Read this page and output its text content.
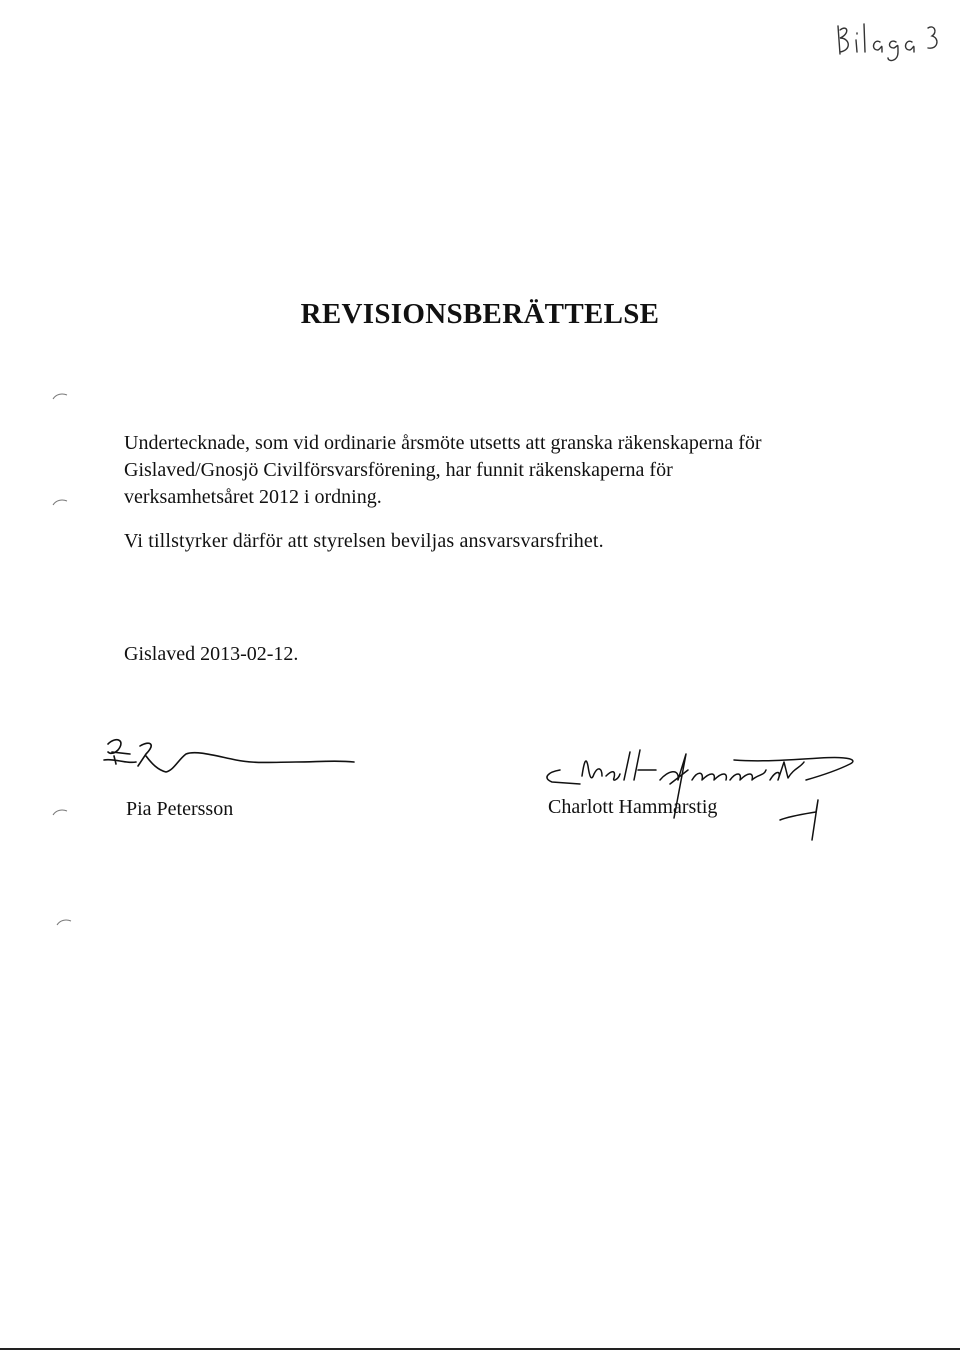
REVISIONSBERÄTTELSE

Undertecknade, som vid ordinarie årsmöte utsetts att granska räkenskaperna för

Gislaved/Gnosjö Civilförsvarsförening, har funnit räkenskaperna för

verksamhetsåret 2012 i ordning.

Vi tillstyrker därför att styrelsen beviljas ansvarsvarsfrihet.

Gislaved 2013-02-12.
Pia Petersson	Charlott Hammarstig
